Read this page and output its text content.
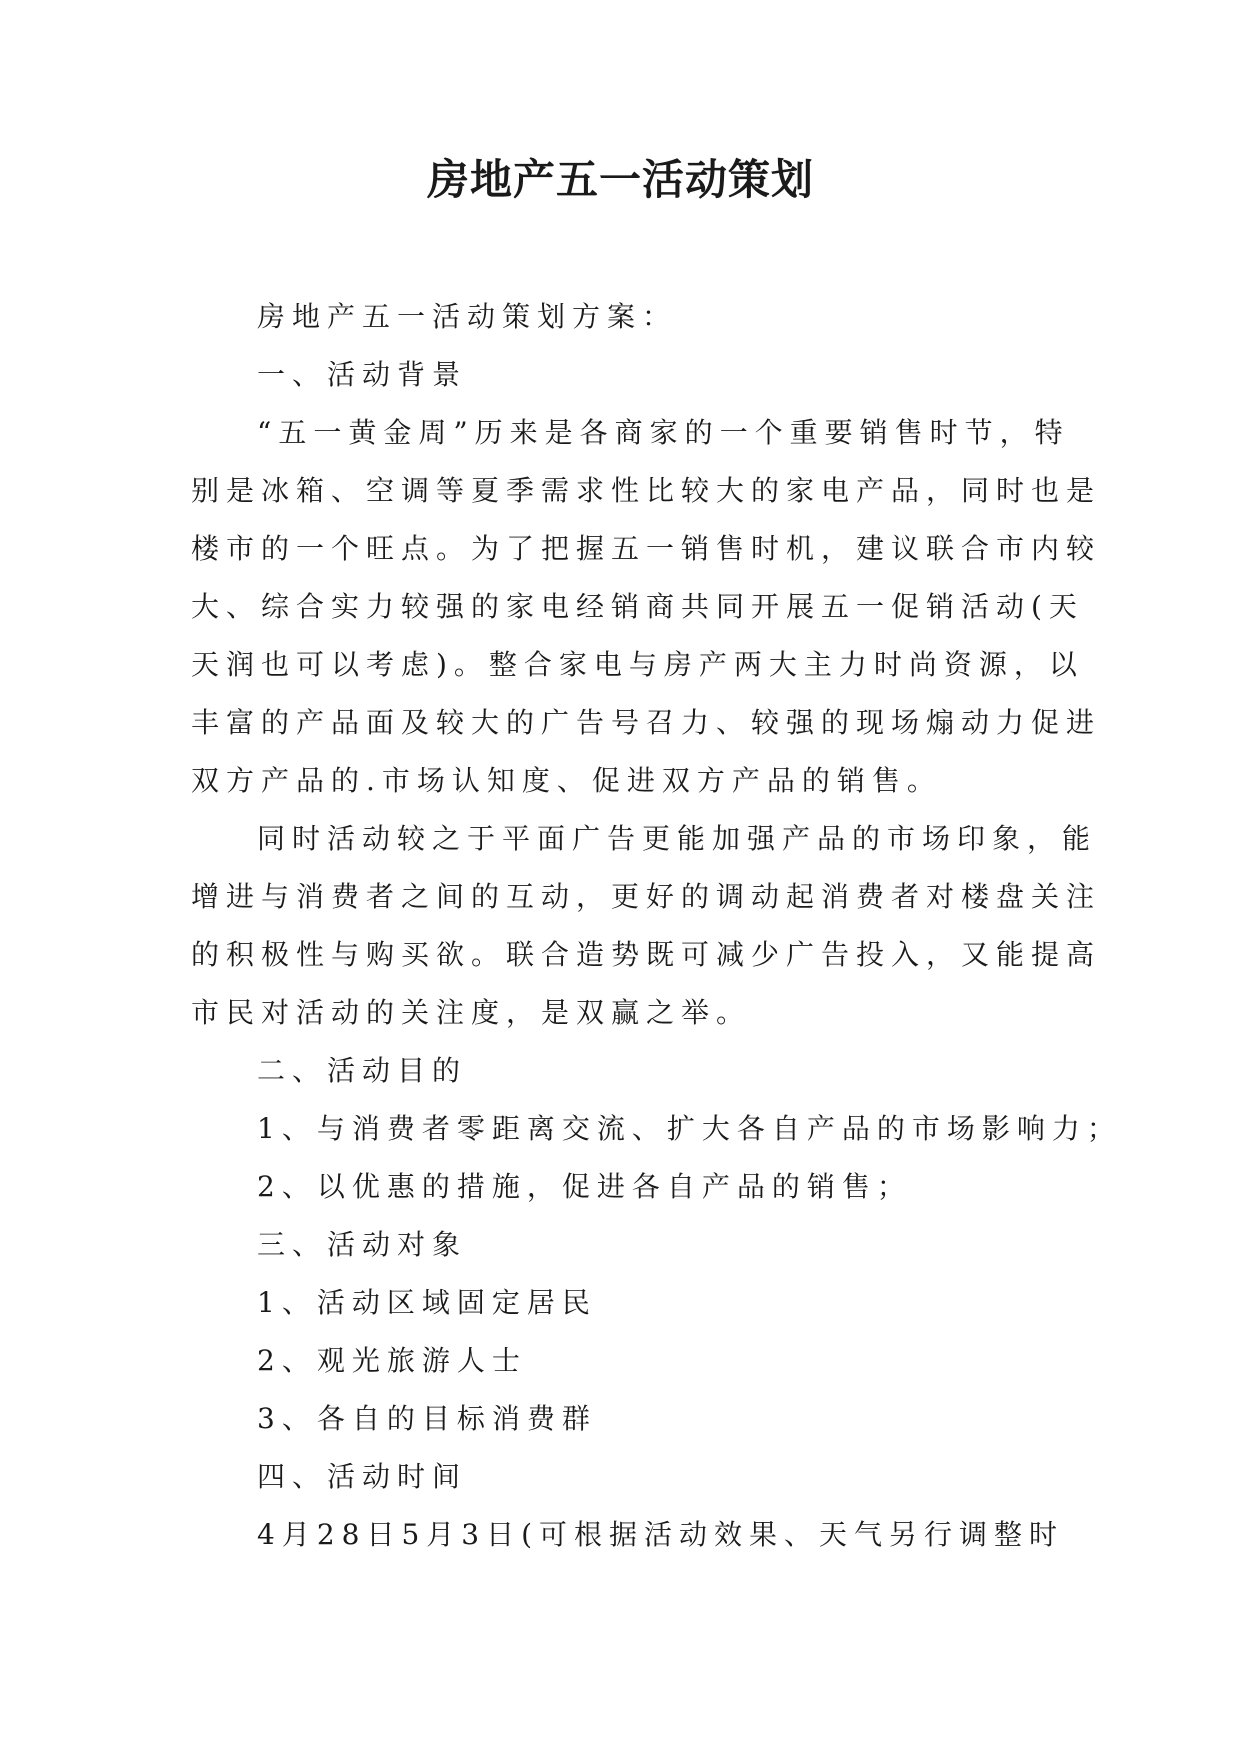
房地产五一活动策划
房地产五一活动策划方案：
一、活动背景
“五一黄金周”历来是各商家的一个重要销售时节，特
别是冰箱、空调等夏季需求性比较大的家电产品，同时也是
楼市的一个旺点。为了把握五一销售时机，建议联合市内较
大、综合实力较强的家电经销商共同开展五一促销活动(天
天润也可以考虑)。整合家电与房产两大主力时尚资源，以
丰富的产品面及较大的广告号召力、较强的现场煽动力促进
双方产品的.市场认知度、促进双方产品的销售。
同时活动较之于平面广告更能加强产品的市场印象，能
增进与消费者之间的互动，更好的调动起消费者对楼盘关注
的积极性与购买欲。联合造势既可减少广告投入，又能提高
市民对活动的关注度，是双赢之举。
二、活动目的
1、与消费者零距离交流、扩大各自产品的市场影响力；
2、以优惠的措施，促进各自产品的销售；
三、活动对象
1、活动区域固定居民
2、观光旅游人士
3、各自的目标消费群
四、活动时间
4月28日5月3日(可根据活动效果、天气另行调整时
